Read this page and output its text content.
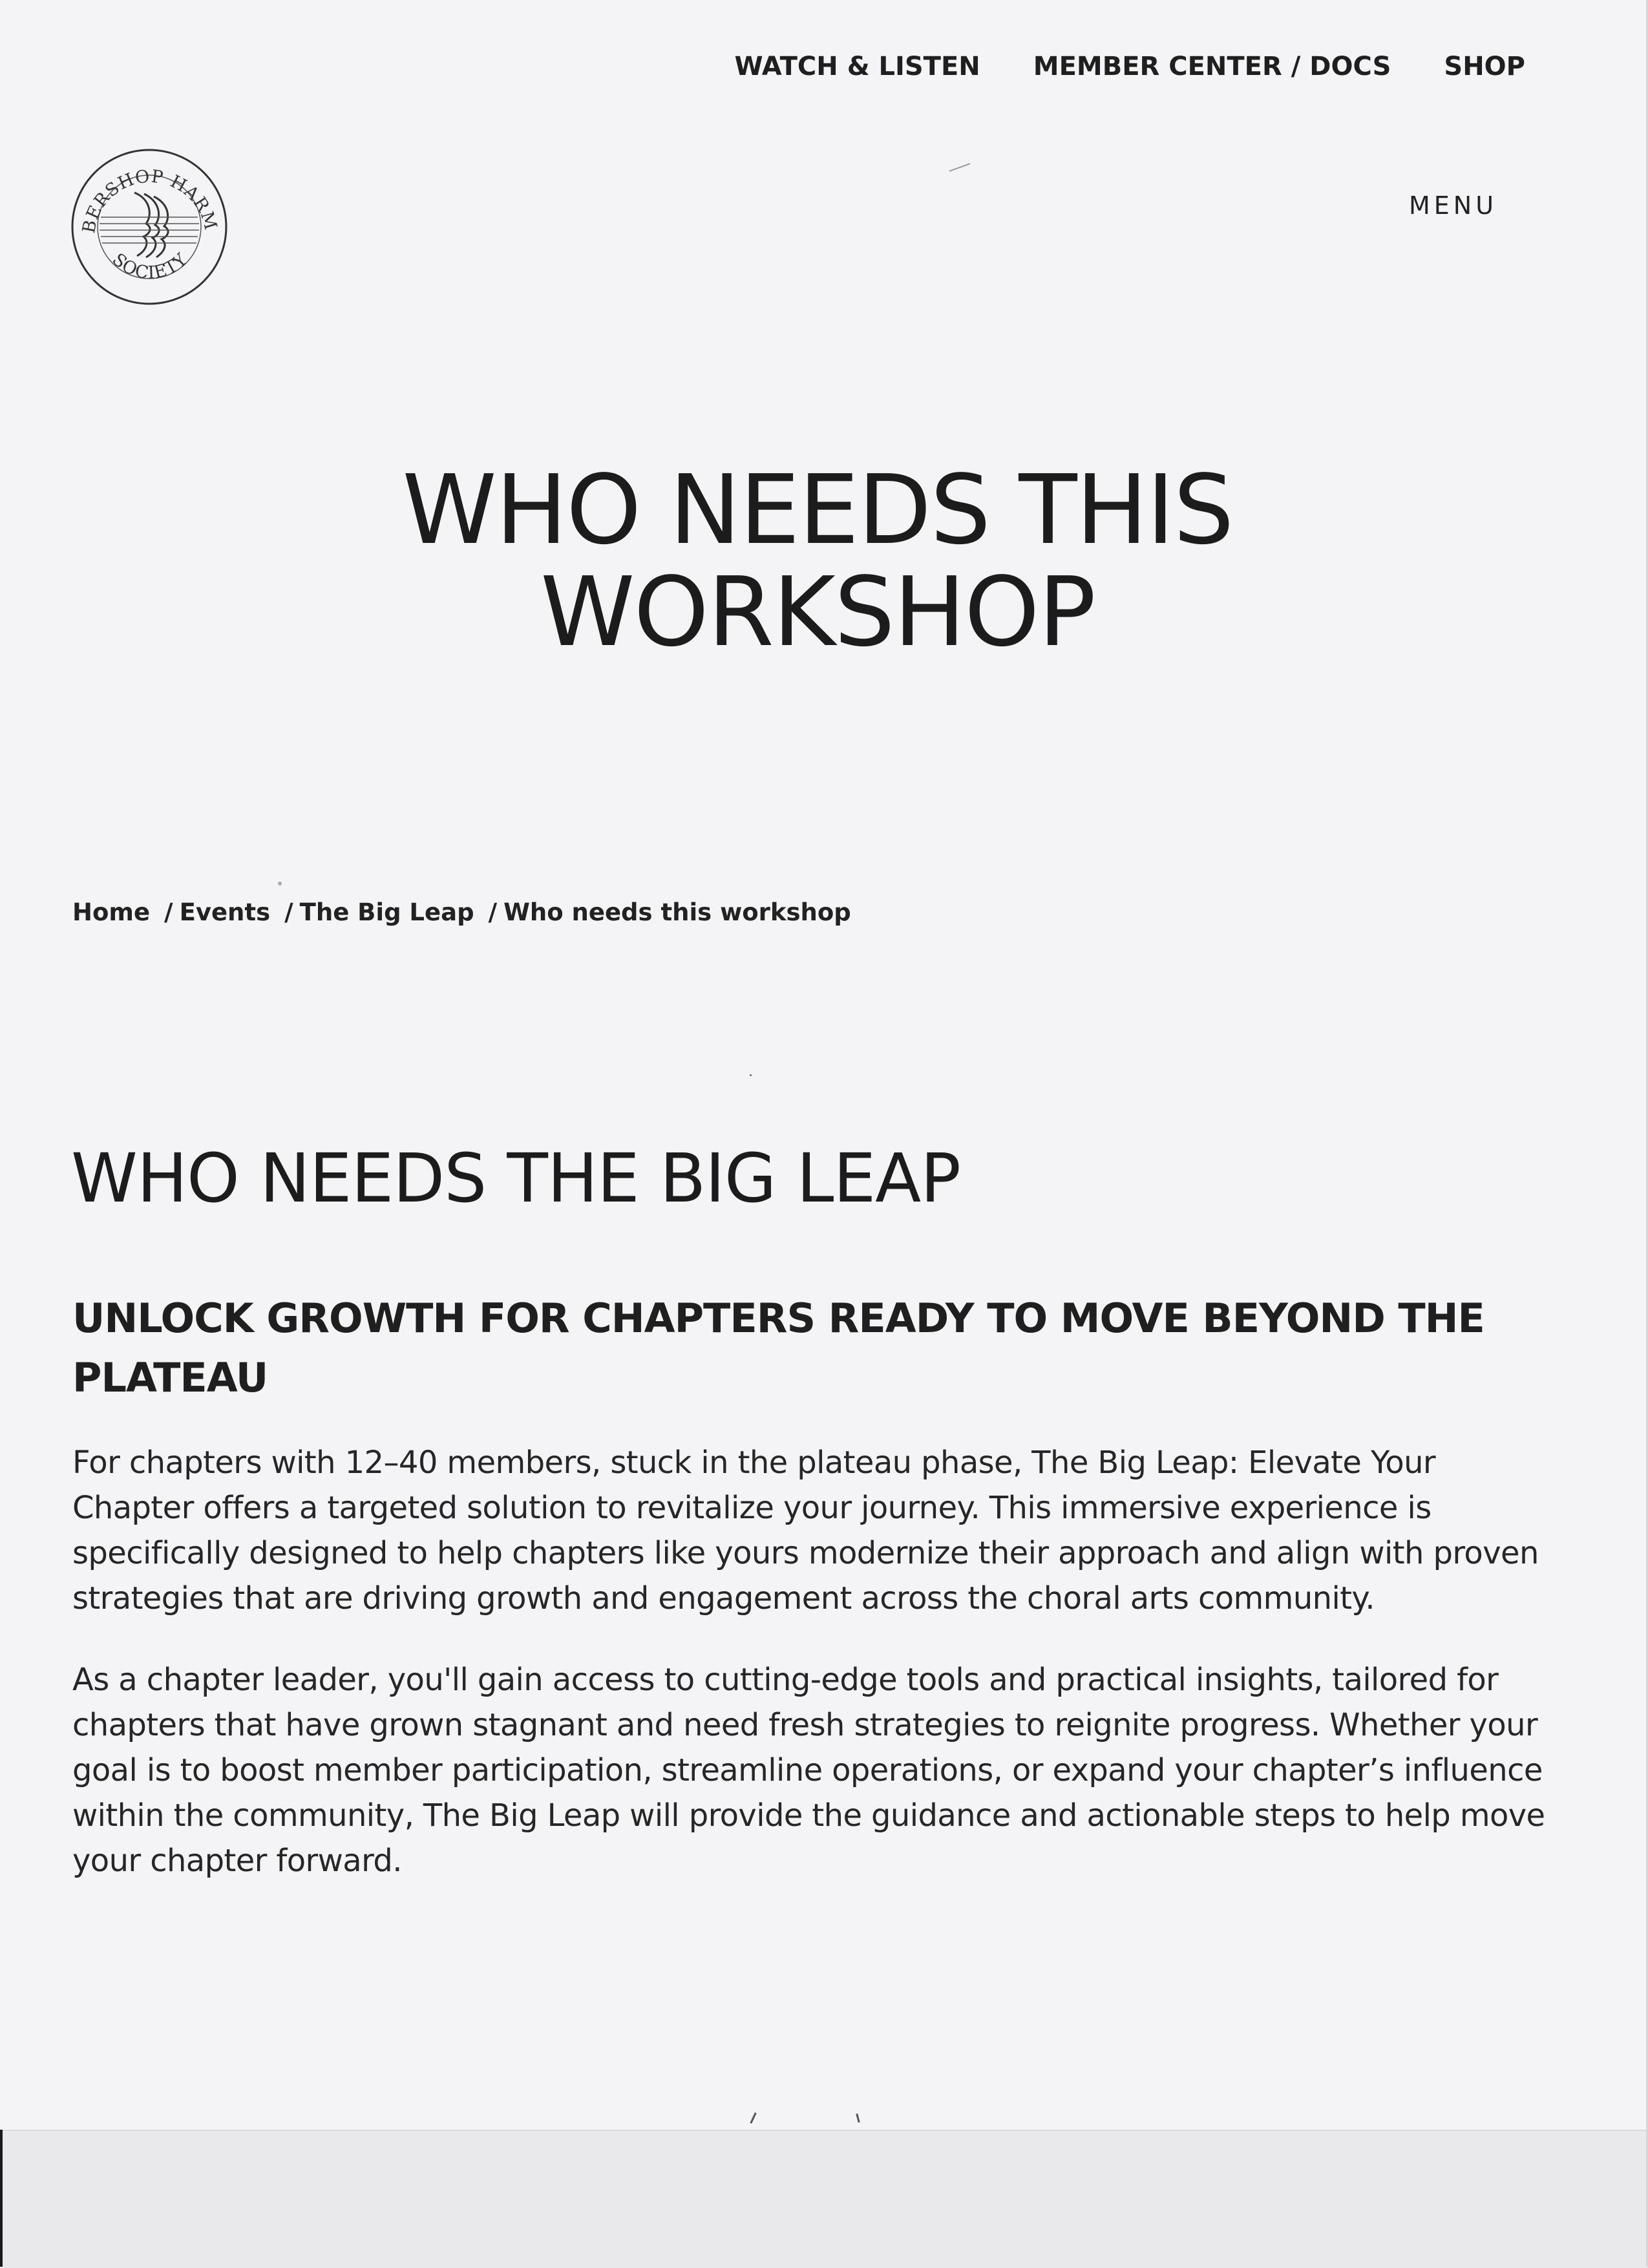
WATCH & LISTEN MEMBER CENTER / DOCS SHOP
BERSHOP HARM
SOCIETY
MENU
WHO NEEDS THIS WORKSHOP
Home / Events / The Big Leap / Who needs this workshop
WHO NEEDS THE BIG LEAP
UNLOCK GROWTH FOR CHAPTERS READY TO MOVE BEYOND THE PLATEAU

For chapters with 12–40 members, stuck in the plateau phase, The Big Leap: Elevate Your Chapter offers a targeted solution to revitalize your journey. This immersive experience is specifically designed to help chapters like yours modernize their approach and align with proven strategies that are driving growth and engagement across the choral arts community.

As a chapter leader, you'll gain access to cutting-edge tools and practical insights, tailored for chapters that have grown stagnant and need fresh strategies to reignite progress. Whether your goal is to boost member participation, streamline operations, or expand your chapter’s influence within the community, The Big Leap will provide the guidance and actionable steps to help move your chapter forward.
